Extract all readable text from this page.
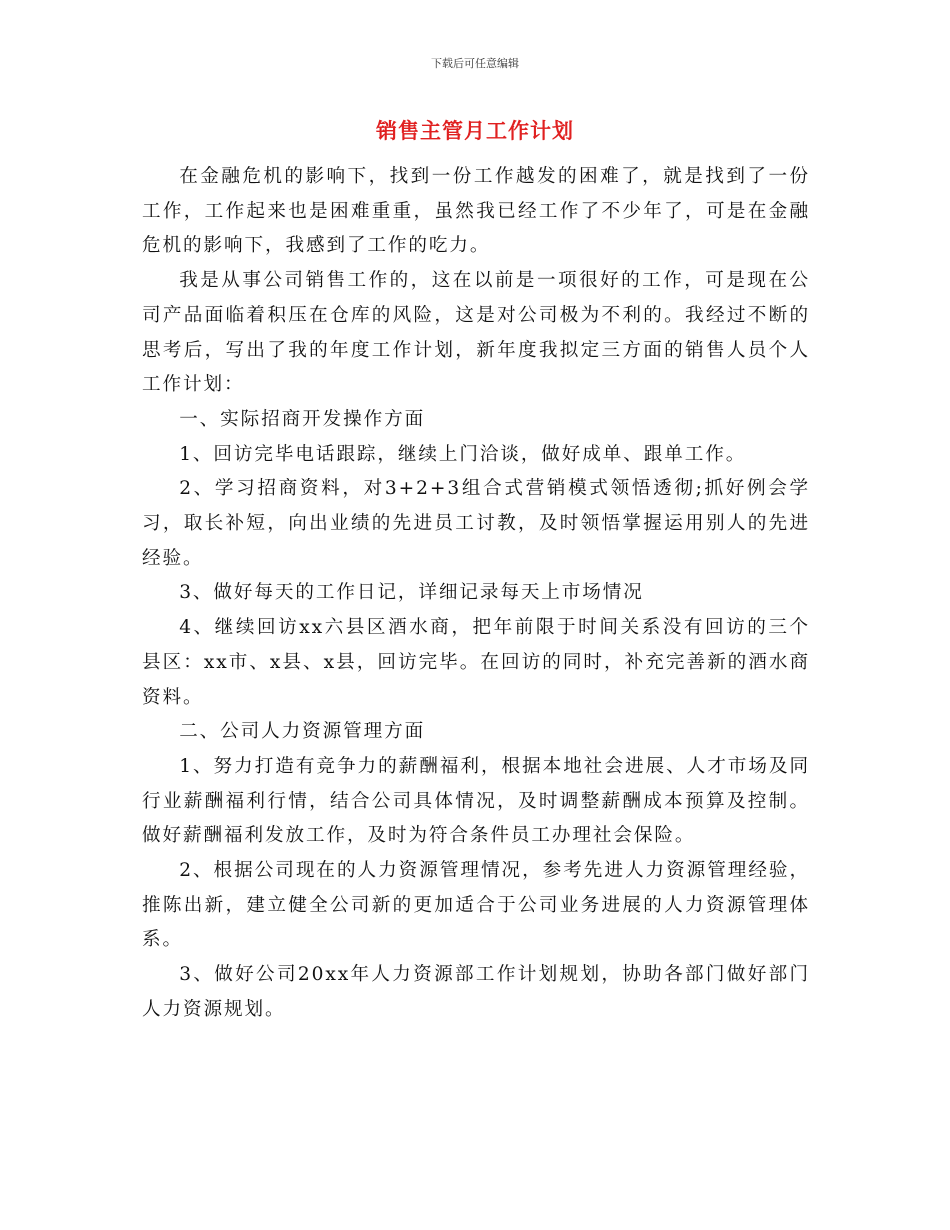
下载后可任意编辑
销售主管月工作计划

在金融危机的影响下，找到一份工作越发的困难了，就是找到了一份工作，工作起来也是困难重重，虽然我已经工作了不少年了，可是在金融危机的影响下，我感到了工作的吃力。

我是从事公司销售工作的，这在以前是一项很好的工作，可是现在公司产品面临着积压在仓库的风险，这是对公司极为不利的。我经过不断的思考后，写出了我的年度工作计划，新年度我拟定三方面的销售人员个人工作计划：

一、实际招商开发操作方面

1、回访完毕电话跟踪，继续上门洽谈，做好成单、跟单工作。

2、学习招商资料，对3+2+3组合式营销模式领悟透彻;抓好例会学习，取长补短，向出业绩的先进员工讨教，及时领悟掌握运用别人的先进经验。

3、做好每天的工作日记，详细记录每天上市场情况

4、继续回访xx六县区酒水商，把年前限于时间关系没有回访的三个县区：xx市、x县、x县，回访完毕。在回访的同时，补充完善新的酒水商资料。

二、公司人力资源管理方面

1、努力打造有竞争力的薪酬福利，根据本地社会进展、人才市场及同行业薪酬福利行情，结合公司具体情况，及时调整薪酬成本预算及控制。做好薪酬福利发放工作，及时为符合条件员工办理社会保险。

2、根据公司现在的人力资源管理情况，参考先进人力资源管理经验，推陈出新，建立健全公司新的更加适合于公司业务进展的人力资源管理体系。

3、做好公司20xx年人力资源部工作计划规划，协助各部门做好部门人力资源规划。
